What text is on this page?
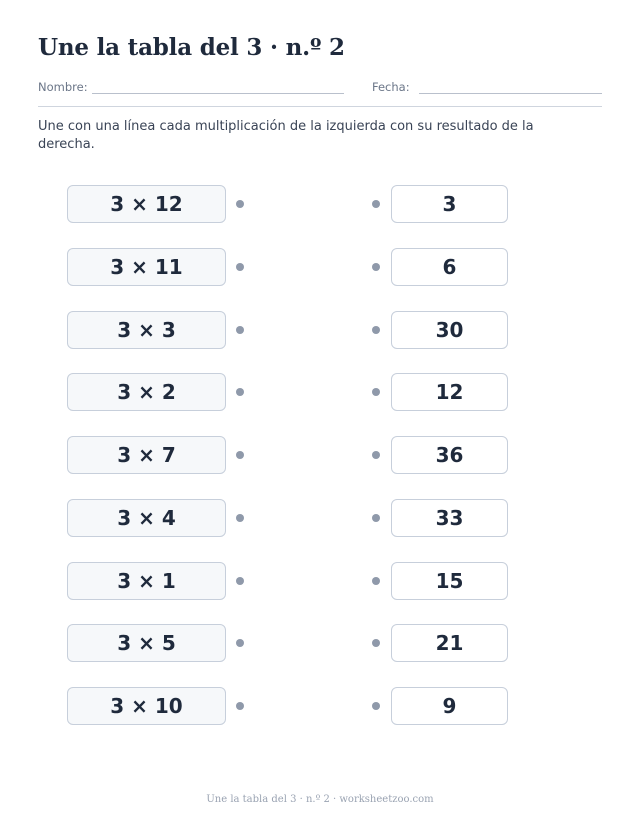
Une la tabla del 3 · n.º 2
Nombre:	Fecha:
Une con una línea cada multiplicación de la izquierda con su resultado de la derecha.
3 × 12	3
3 × 11	6
3 × 3	30
3 × 2	12
3 × 7	36
3 × 4	33
3 × 1	15
3 × 5	21
3 × 10	9
Une la tabla del 3 · n.º 2 · worksheetzoo.com
